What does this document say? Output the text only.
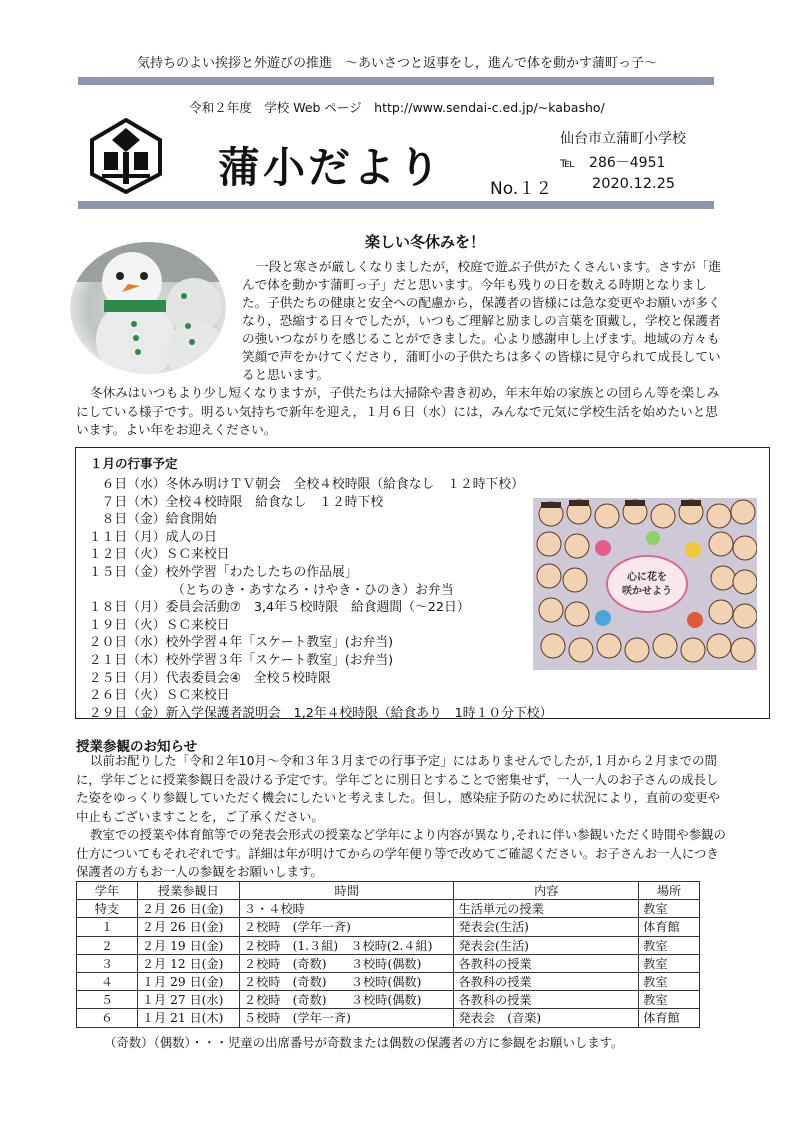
気持ちのよい挨拶と外遊びの推進　～あいさつと返事をし，進んで体を動かす蒲町っ子～
令和２年度　学校 Web ページ　http://www.sendai-c.ed.jp/~kabasho/
蒲小だより
仙台市立蒲町小学校
℡　286－4951
No.１２	2020.12.25
楽しい冬休みを！

一段と寒さが厳しくなりましたが，校庭で遊ぶ子供がたくさんいます。さすが「進んで体を動かす蒲町っ子」だと思います。今年も残りの日を数える時期となりました。子供たちの健康と安全への配慮から，保護者の皆様には急な変更やお願いが多くなり，恐縮する日々でしたが，いつもご理解と励ましの言葉を頂戴し，学校と保護者の強いつながりを感じることができました。心より感謝申し上げます。地域の方々も笑顔で声をかけてくださり，蒲町小の子供たちは多くの皆様に見守られて成長していると思います。

冬休みはいつもより少し短くなりますが，子供たちは大掃除や書き初め，年末年始の家族との団らん等を楽しみにしている様子です。明るい気持ちで新年を迎え，１月６日（水）には，みんなで元気に学校生活を始めたいと思います。よい年をお迎えください。

１月の行事予定
　　６日（水）冬休み明けＴＶ朝会　全校４校時限（給食なし　１２時下校）
　　７日（木）全校４校時限　給食なし　１２時下校
　　８日（金）給食開始
　１１日（月）成人の日
　１２日（火）ＳＣ来校日
　１５日（金）校外学習「わたしたちの作品展」
　　　　　　　　（とちのき・あすなろ・けやき・ひのき）お弁当
　１８日（月）委員会活動⑦　3,4年５校時限　給食週間（～22日）
　１９日（火）ＳＣ来校日
　２０日（水）校外学習４年「スケート教室」(お弁当)
　２１日（木）校外学習３年「スケート教室」(お弁当)
　２５日（月）代表委員会④　全校５校時限
　２６日（火）ＳＣ来校日
　２９日（金）新入学保護者説明会　1,2年４校時限（給食あり　1時１０分下校）
心に花を
咲かせよう
授業参観のお知らせ

以前お配りした「令和２年10月～令和３年３月までの行事予定」にはありませんでしたが,１月から２月までの間に，学年ごとに授業参観日を設ける予定です。学年ごとに別日とすることで密集せず，一人一人のお子さんの成長した姿をゆっくり参観していただく機会にしたいと考えました。但し，感染症予防のために状況により，直前の変更や中止もございますことを，ご了承ください。

教室での授業や体育館等での発表会形式の授業など学年により内容が異なり,それに伴い参観いただく時間や参観の仕方についてもそれぞれです。詳細は年が明けてからの学年便り等で改めてご確認ください。お子さんお一人につき保護者の方もお一人の参観をお願いします。

学年	授業参観日	時間	内容	場所
特支	２月 26 日(金)	３・４校時	生活単元の授業	教室
１	２月 26 日(金)	２校時　(学年一斉)	発表会(生活)	体育館
２	２月 19 日(金)	２校時　(1.３組)　３校時(2.４組)	発表会(生活)	教室
３	２月 12 日(金)	２校時　(奇数)　　３校時(偶数)	各教科の授業	教室
４	１月 29 日(金)	２校時　(奇数)　　３校時(偶数)	各教科の授業	教室
５	１月 27 日(水)	２校時　(奇数)　　３校時(偶数)	各教科の授業	教室
６	１月 21 日(木)	５校時　(学年一斉)	発表会　(音楽)	体育館
（奇数）（偶数）・・・児童の出席番号が奇数または偶数の保護者の方に参観をお願いします。
